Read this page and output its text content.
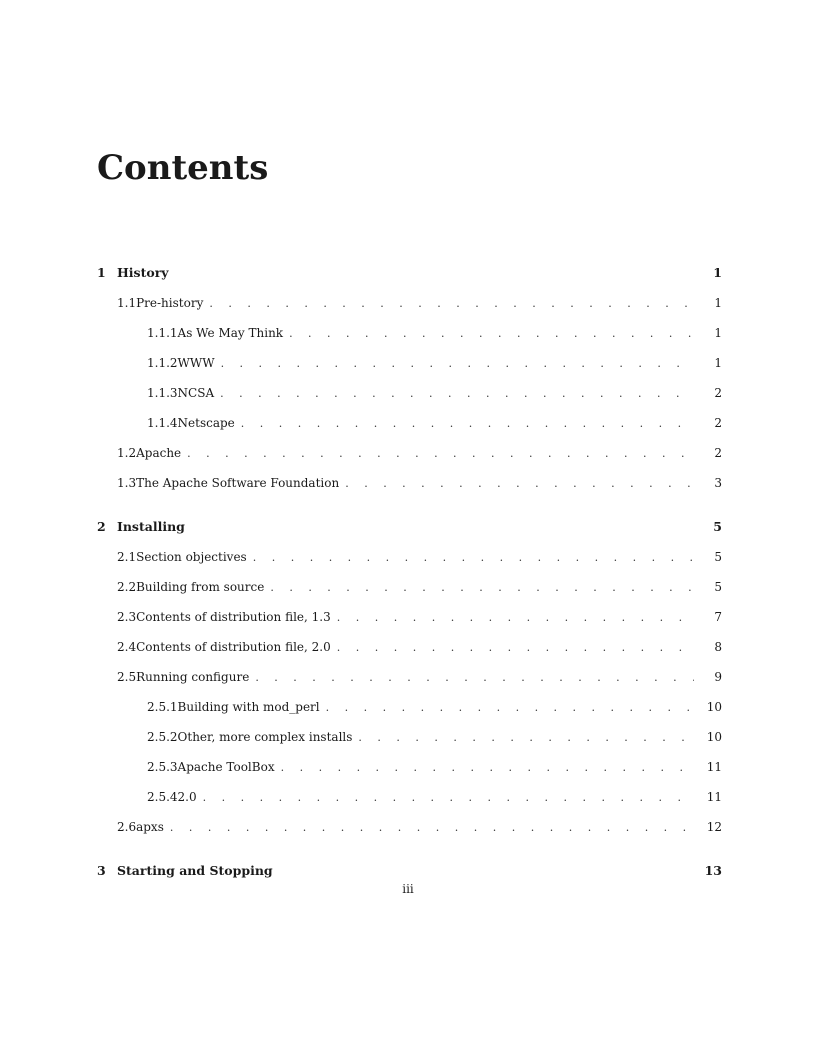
Contents
1 History	1
1.1 Pre-history . . .	1
1.1.1 As We May Think . . .	1
1.1.2 WWW . . .	1
1.1.3 NCSA . . .	2
1.1.4 Netscape . . .	2
1.2 Apache . . .	2
1.3 The Apache Software Foundation . . .	3
2 Installing	5
2.1 Section objectives . . .	5
2.2 Building from source . . .	5
2.3 Contents of distribution file, 1.3 . . .	7
2.4 Contents of distribution file, 2.0 . . .	8
2.5 Running configure . . .	9
2.5.1 Building with mod_perl . . .	10
2.5.2 Other, more complex installs . . .	10
2.5.3 Apache ToolBox . . .	11
2.5.4 2.0 . . .	11
2.6 apxs . . .	12
3 Starting and Stopping	13
iii
